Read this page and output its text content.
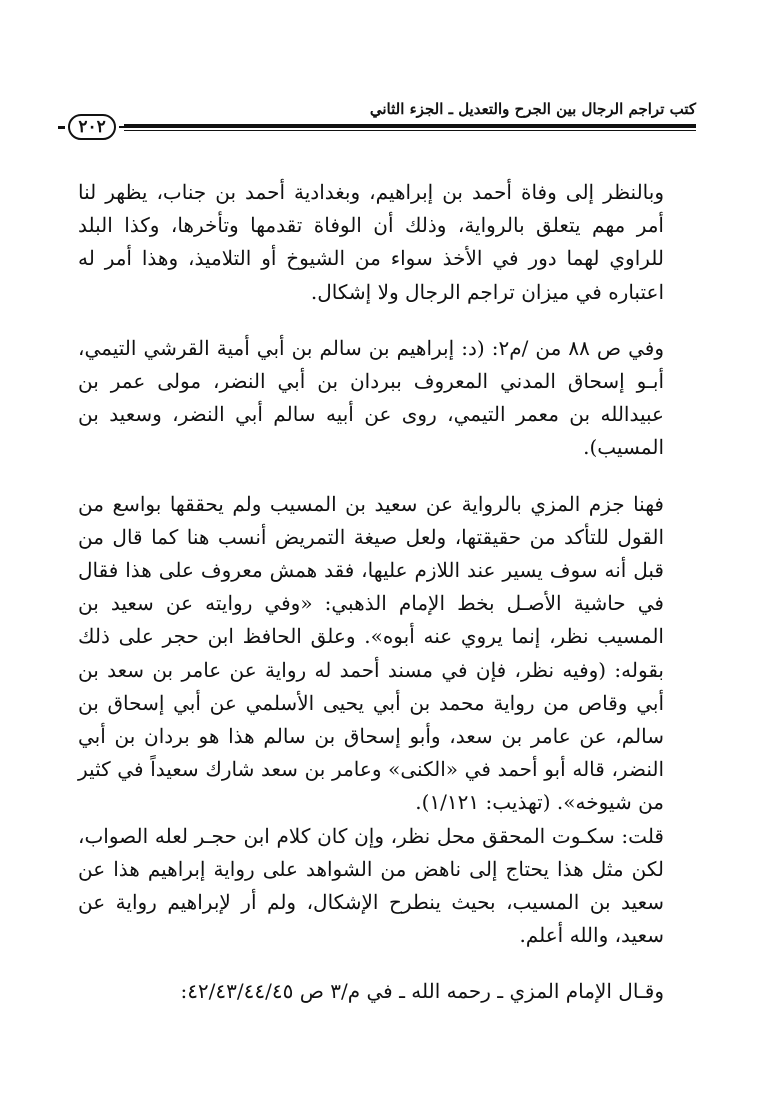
كتب تراجم الرجال بين الجرح والتعديل ـ الجزء الثاني
٢٠٢

وبالنظر إلى وفاة أحمد بن إبراهيم، وبغدادية أحمد بن جناب، يظهر لنا أمر مهم يتعلق بالرواية، وذلك أن الوفاة تقدمها وتأخرها، وكذا البلد للراوي لهما دور في الأخذ سواء من الشيوخ أو التلاميذ، وهذا أمر له اعتباره في ميزان تراجم الرجال ولا إشكال.

وفي ص ٨٨ من /م٢: (د: إبراهيم بن سالم بن أبي أمية القرشي التيمي، أبـو إسحاق المدني المعروف ببردان بن أبي النضر، مولى عمر بن عبيدالله بن معمر التيمي، روى عن أبيه سالم أبي النضر، وسعيد بن المسيب).

فهنا جزم المزي بالرواية عن سعيد بن المسيب ولم يحققها بواسع من القول للتأكد من حقيقتها، ولعل صيغة التمريض أنسب هنا كما قال من قبل أنه سوف يسير عند اللازم عليها، فقد همش معروف على هذا فقال في حاشية الأصـل بخط الإمام الذهبي: «وفي روايته عن سعيد بن المسيب نظر، إنما يروي عنه أبوه». وعلق الحافظ ابن حجر على ذلك بقوله: (وفيه نظر، فإن في مسند أحمد له رواية عن عامر بن سعد بن أبي وقاص من رواية محمد بن أبي يحيى الأسلمي عن أبي إسحاق بن سالم، عن عامر بن سعد، وأبو إسحاق بن سالم هذا هو بردان بن أبي النضر، قاله أبو أحمد في «الكنى» وعامر بن سعد شارك سعيداً في كثير من شيوخه». (تهذيب: ١/١٢١).

قلت: سكـوت المحقق محل نظر، وإن كان كلام ابن حجـر لعله الصواب، لكن مثل هذا يحتاج إلى ناهض من الشواهد على رواية إبراهيم هذا عن سعيد بن المسيب، بحيث ينطرح الإشكال، ولم أر لإبراهيم رواية عن سعيد، والله أعلم.

وقـال الإمام المزي ـ رحمه الله ـ في م/٣ ص ٤٢/٤٣/٤٤/٤٥:
